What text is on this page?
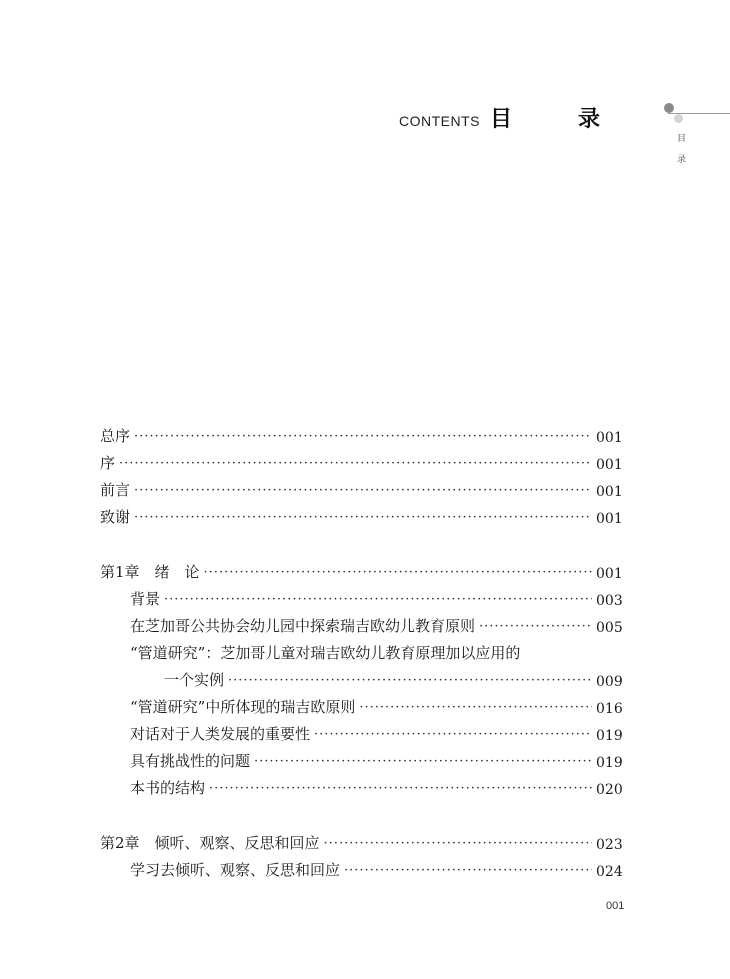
CONTENTS 目　录
目
录
总序 ·····	001
序 ·····	001
前言 ·····	001
致谢 ·····	001
第1章　绪　论 ·····	001
背景 ·····	003
在芝加哥公共协会幼儿园中探索瑞吉欧幼儿教育原则 ·····	005
“管道研究”：芝加哥儿童对瑞吉欧幼儿教育原理加以应用的
一个实例 ·····	009
“管道研究”中所体现的瑞吉欧原则 ·····	016
对话对于人类发展的重要性 ·····	019
具有挑战性的问题 ·····	019
本书的结构 ·····	020
第2章　倾听、观察、反思和回应 ·····	023
学习去倾听、观察、反思和回应 ·····	024
001
